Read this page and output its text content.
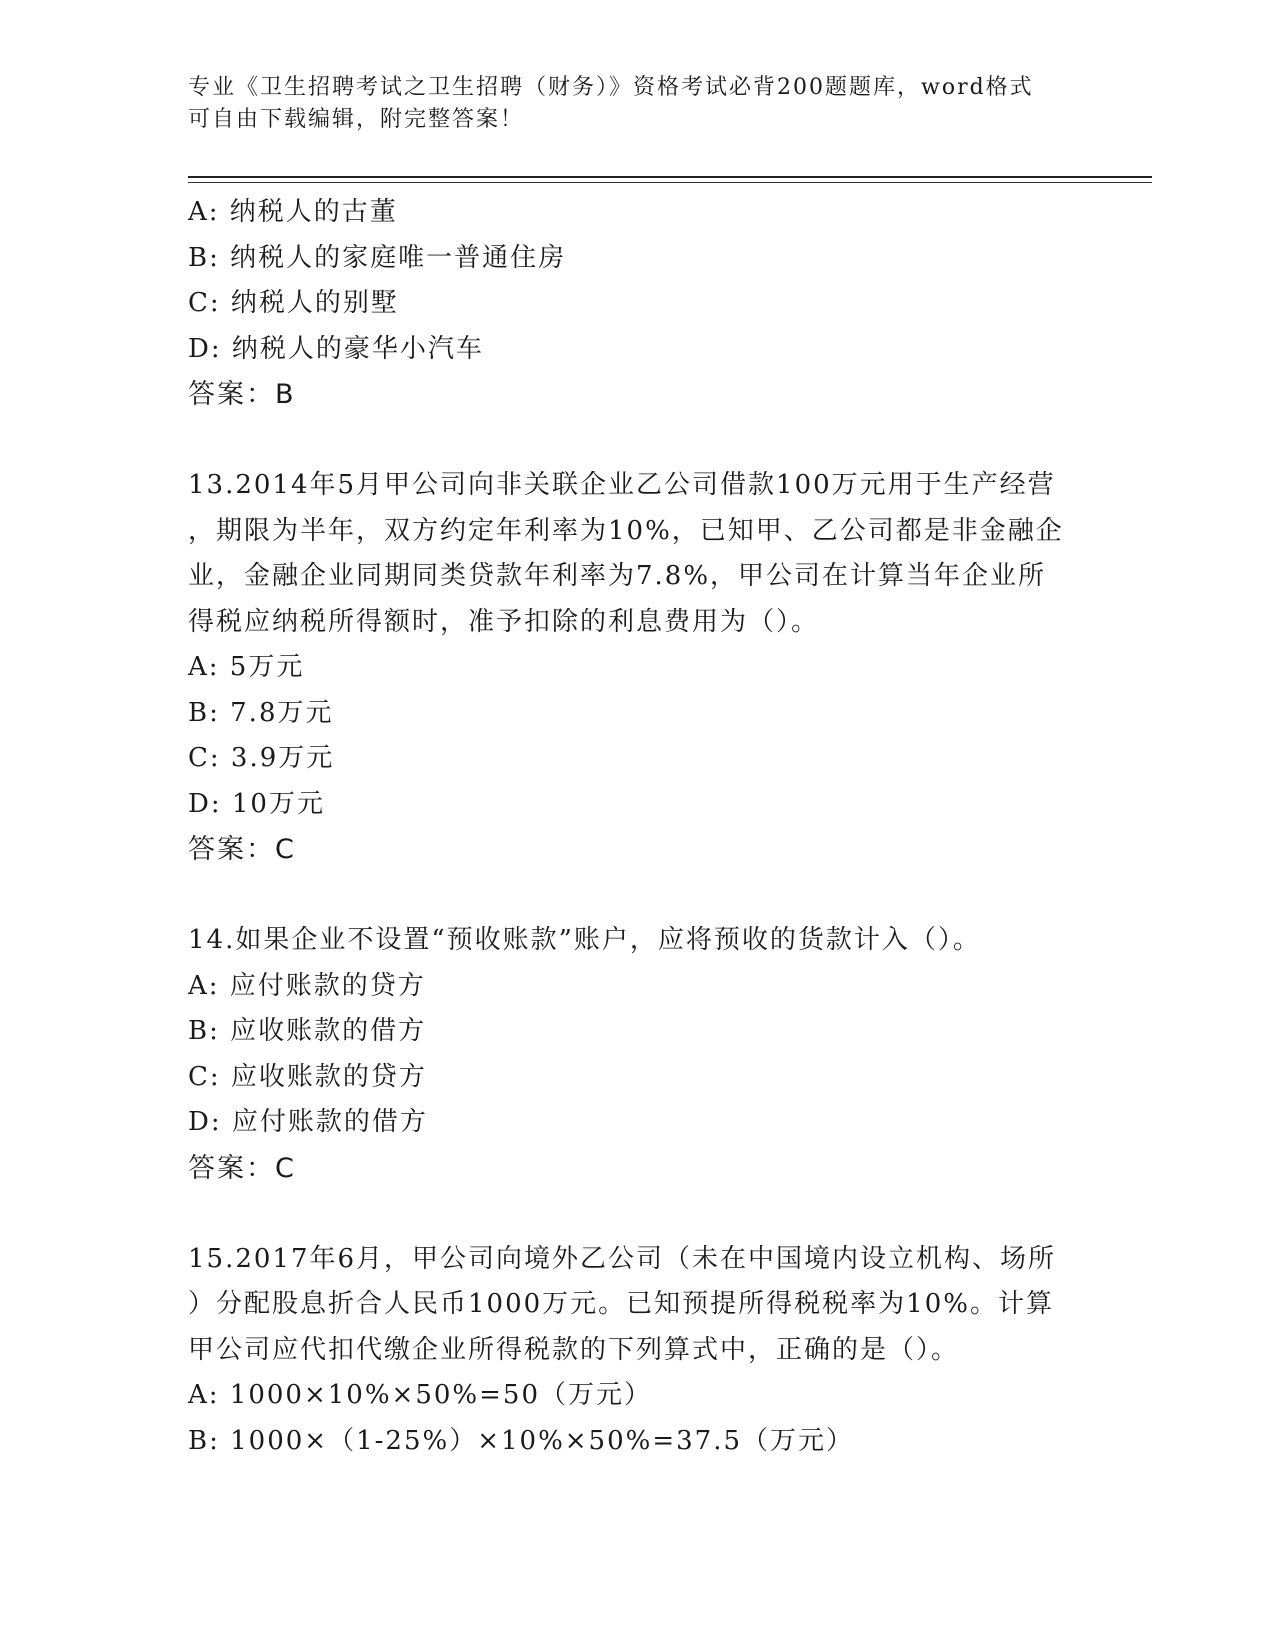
专业《卫生招聘考试之卫生招聘（财务）》资格考试必背200题题库，word格式
可自由下载编辑，附完整答案！
A: 纳税人的古董
B: 纳税人的家庭唯一普通住房
C: 纳税人的别墅
D: 纳税人的豪华小汽车
答案：B
13.2014年5月甲公司向非关联企业乙公司借款100万元用于生产经营
，期限为半年，双方约定年利率为10%，已知甲、乙公司都是非金融企
业，金融企业同期同类贷款年利率为7.8%，甲公司在计算当年企业所
得税应纳税所得额时，准予扣除的利息费用为（）。
A: 5万元
B: 7.8万元
C: 3.9万元
D: 10万元
答案：C
14.如果企业不设置“预收账款”账户，应将预收的货款计入（）。
A: 应付账款的贷方
B: 应收账款的借方
C: 应收账款的贷方
D: 应付账款的借方
答案：C
15.2017年6月，甲公司向境外乙公司（未在中国境内设立机构、场所
）分配股息折合人民币1000万元。已知预提所得税税率为10%。计算
甲公司应代扣代缴企业所得税款的下列算式中，正确的是（）。
A: 1000×10%×50%=50（万元）
B: 1000×（1-25%）×10%×50%=37.5（万元）
